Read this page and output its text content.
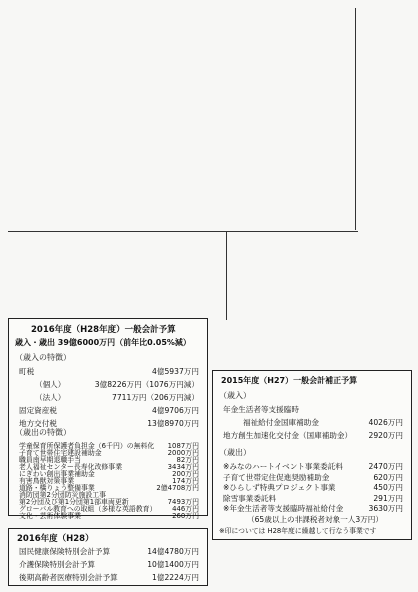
2016年度（H28年度）一般会計予算
歳入・歳出 39億6000万円（前年比0.05%減）
（歳入の特徴）
町税	4億5937万円
（個人）	3億8226万円（1076万円減）
（法人）	7711万円（206万円減）
固定資産税	4億9706万円
地方交付税	13億8970万円
（歳出の特徴）
学童保育所保護者負担金（6千円）の無料化 1087万円
子育て世帯住宅建設補助金	2000万円
職員南早期退職手当	82万円
老人福祉センター長寿化改修事業	3434万円
にぎわい創出事業補助金	200万円
有害鳥獣対策事業	174万円
道路・橋りょう整備事業	2億4708万円
消防団第2分団防災施設工事
第2分団及び第1分団第1部車両更新	7493万円
グローバル教育への取組（多様な英語教育） 446万円
文化・芸術体験事業	260万円
2016年度（H28）
国民健康保険特別会計予算	14億4780万円
介護保険特別会計予算	10億1400万円
後期高齢者医療特別会計予算	1億2224万円
2015年度（H27）一般会計補正予算
（歳入）
年金生活者等支援臨時
福祉給付金国庫補助金	4026万円
地方創生加速化交付金（国庫補助金） 2920万円
（歳出）
※みなのハートイベント事業委託料	2470万円
子育て世帯定住促進奨励補助金	620万円
※ひらしず特典プロジェクト事業	450万円
除雪事業委託料	291万円
※年金生活者等支援臨時福祉給付金	3630万円
（65歳以上の非課税者対象一人3万円）
※印については H28年度に繰越して行なう事業です
